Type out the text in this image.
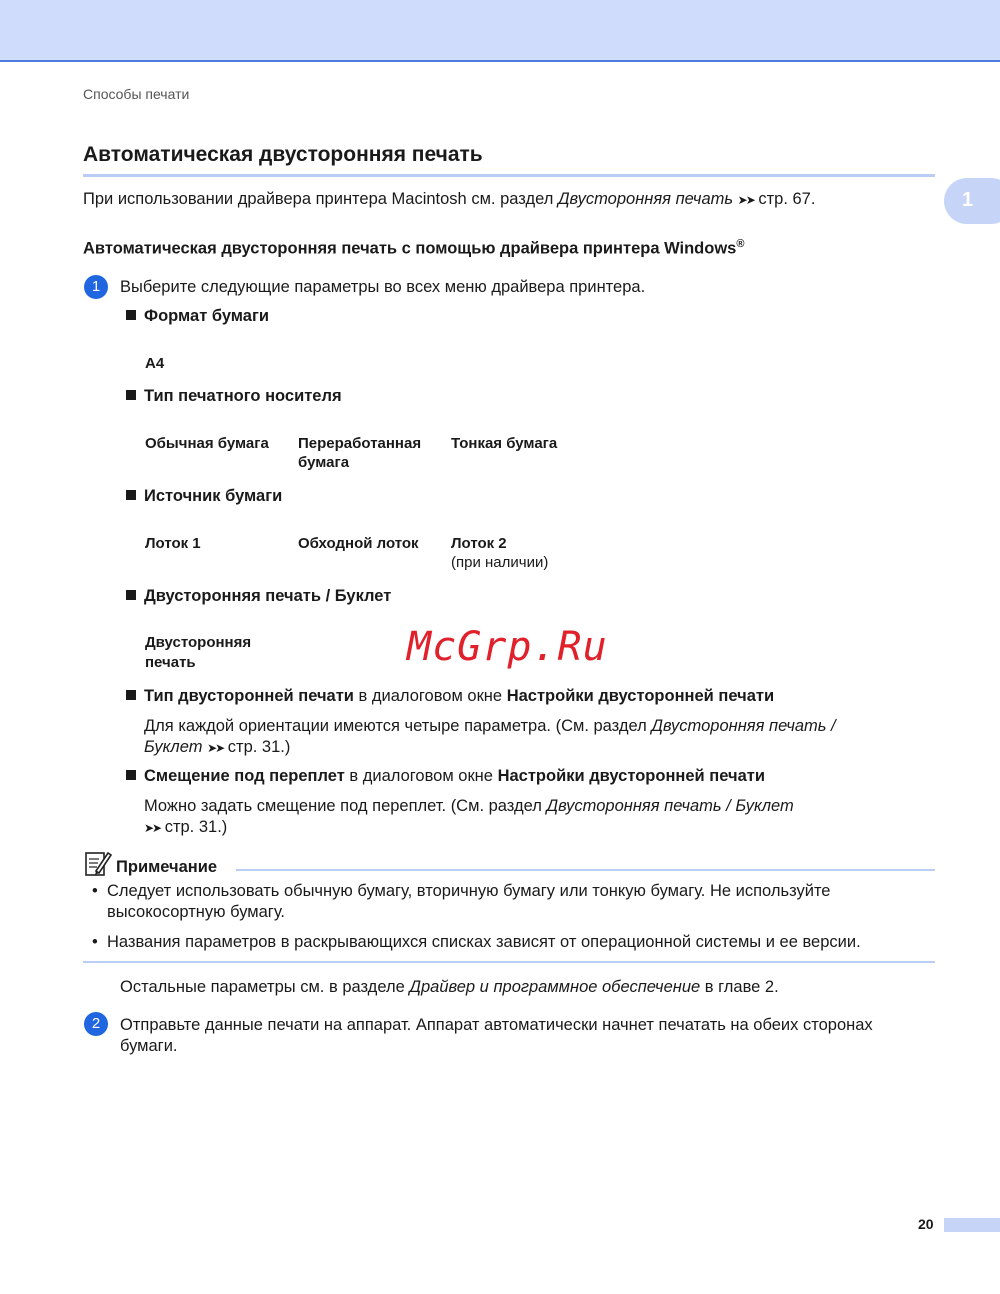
Способы печати
Автоматическая двусторонняя печать
1
При использовании драйвера принтера Macintosh см. раздел Двусторонняя печать ➤➤ стр. 67.
Автоматическая двусторонняя печать с помощью драйвера принтера Windows®
1	Выберите следующие параметры во всех меню драйвера принтера.
Формат бумаги
A4
Тип печатного носителя
Обычная бумага Переработанная
бумага
Тонкая бумага
Источник бумаги
Лоток 1	Обходной лоток Лоток 2
(при наличии)
Двусторонняя печать / Буклет
Двусторонняя
печать
Тип двусторонней печати в диалоговом окне Настройки двусторонней печати
Для каждой ориентации имеются четыре параметра. (См. раздел Двусторонняя печать /
Буклет ➤➤ стр. 31.)
Смещение под переплет в диалоговом окне Настройки двусторонней печати
Можно задать смещение под переплет. (См. раздел Двусторонняя печать / Буклет
➤➤ стр. 31.)
McGrp.Ru
Примечание
• Следует использовать обычную бумагу, вторичную бумагу или тонкую бумагу. Не используйте
высокосортную бумагу.
• Названия параметров в раскрывающихся списках зависят от операционной системы и ее версии.
Остальные параметры см. в разделе Драйвер и программное обеспечение в главе 2.
2	Отправьте данные печати на аппарат. Аппарат автоматически начнет печатать на обеих сторонах
бумаги.
20
